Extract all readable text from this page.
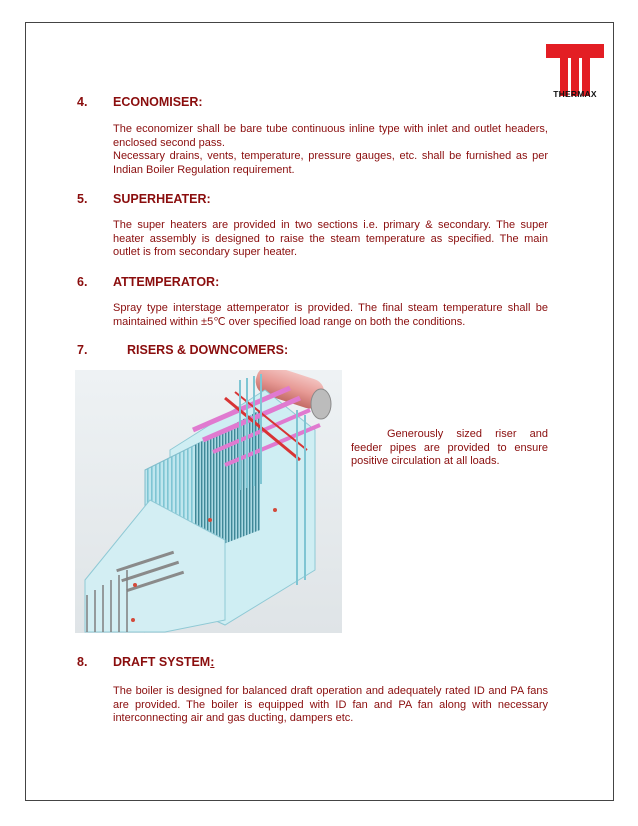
THERMAX
4. ECONOMISER:

The economizer shall be bare tube continuous inline type with inlet and outlet headers, enclosed second pass.

Necessary drains, vents, temperature, pressure gauges, etc. shall be furnished as per Indian Boiler Regulation requirement.

5. SUPERHEATER:

The super heaters are provided in two sections i.e. primary & secondary. The super heater assembly is designed to raise the steam temperature as specified. The main outlet is from secondary super heater.

6. ATTEMPERATOR:

Spray type interstage attemperator is provided. The final steam temperature shall be maintained within ±5℃ over specified load range on both the conditions.

7.	RISERS & DOWNCOMERS:

Generously sized riser and feeder pipes are provided to ensure positive circulation at all loads.

8. DRAFT SYSTEM:

The boiler is designed for balanced draft operation and adequately rated ID and PA fans are provided. The boiler is equipped with ID fan and PA fan along with necessary interconnecting air and gas ducting, dampers etc.
